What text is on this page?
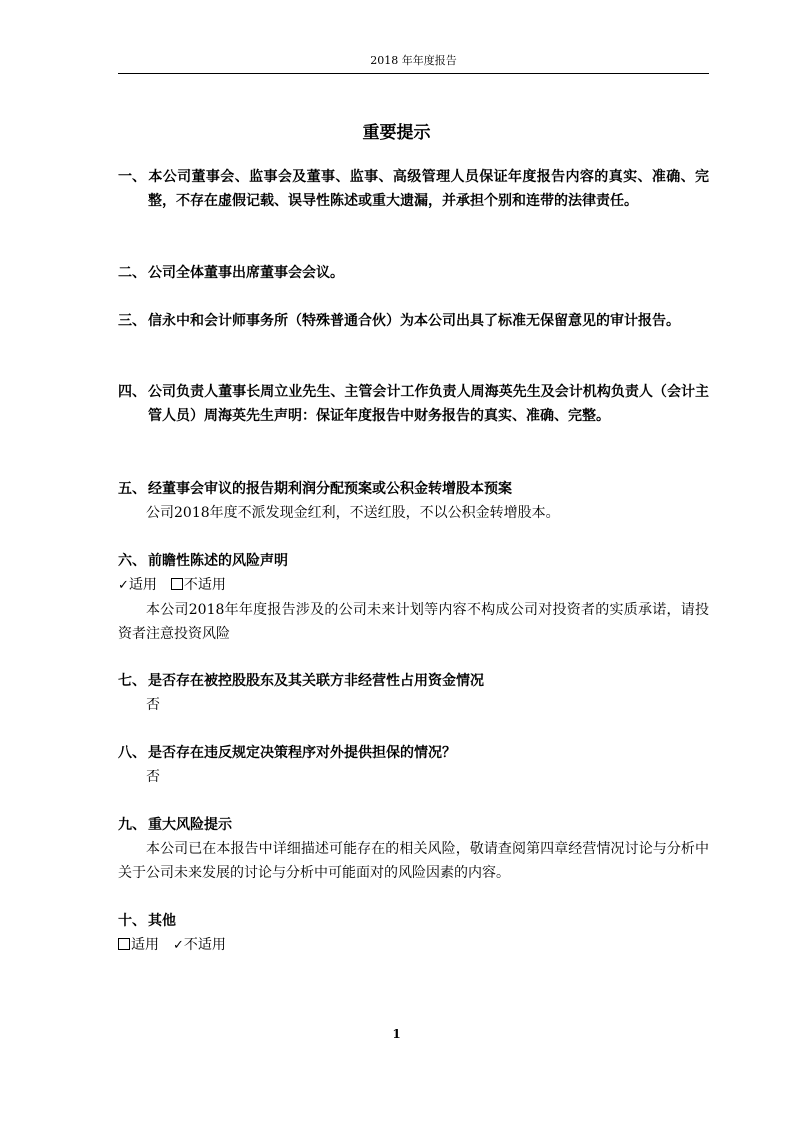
2018 年年度报告
重要提示
一、 本公司董事会、监事会及董事、监事、高级管理人员保证年度报告内容的真实、准确、完整，不存在虚假记载、误导性陈述或重大遗漏，并承担个别和连带的法律责任。
二、 公司全体董事出席董事会会议。
三、 信永中和会计师事务所（特殊普通合伙）为本公司出具了标准无保留意见的审计报告。
四、 公司负责人董事长周立业先生、主管会计工作负责人周海英先生及会计机构负责人（会计主管人员）周海英先生声明：保证年度报告中财务报告的真实、准确、完整。
五、 经董事会审议的报告期利润分配预案或公积金转增股本预案
公司2018年度不派发现金红利，不送红股，不以公积金转增股本。
六、 前瞻性陈述的风险声明
✓适用 不适用
本公司2018年年度报告涉及的公司未来计划等内容不构成公司对投资者的实质承诺，请投资者注意投资风险
七、 是否存在被控股股东及其关联方非经营性占用资金情况
否
八、 是否存在违反规定决策程序对外提供担保的情况？
否
九、 重大风险提示
本公司已在本报告中详细描述可能存在的相关风险，敬请查阅第四章经营情况讨论与分析中关于公司未来发展的讨论与分析中可能面对的风险因素的内容。
十、 其他
适用 ✓不适用
1
